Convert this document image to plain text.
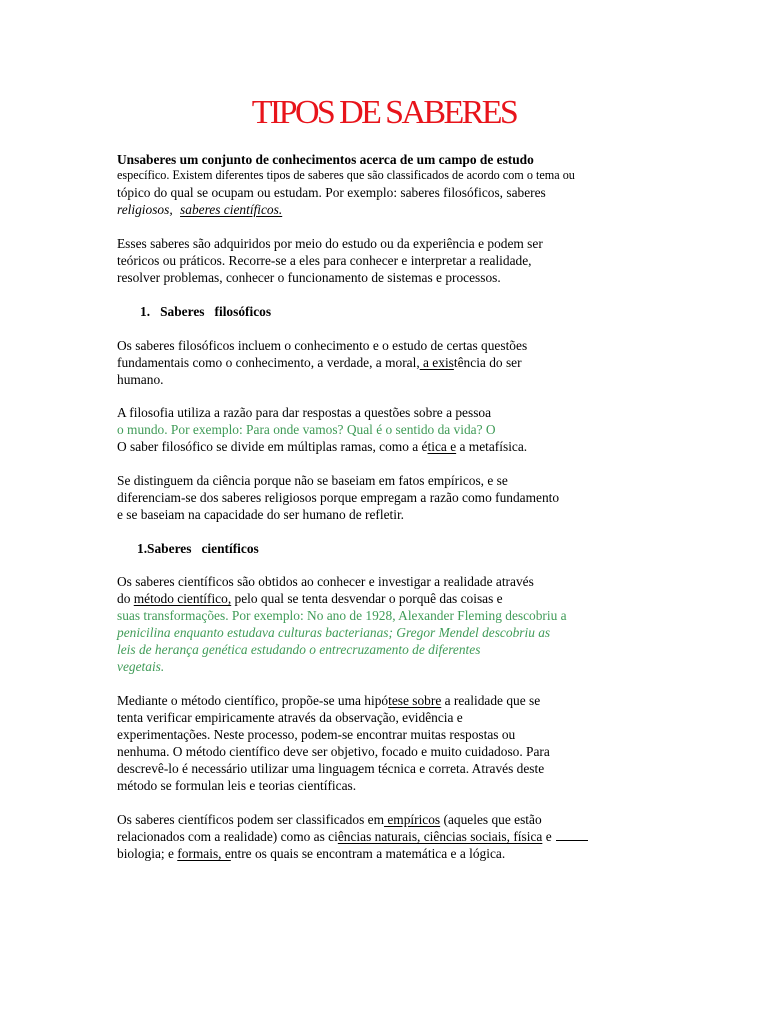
TIPOS DE SABERES
Unsaberes um conjunto de conhecimentos acerca de um campo de estudo
específico. Existem diferentes tipos de saberes que são classificados de acordo com o tema ou
tópico do qual se ocupam ou estudam. Por exemplo: saberes filosóficos, saberes
religiosos, saberes científicos.
Esses saberes são adquiridos por meio do estudo ou da experiência e podem ser
teóricos ou práticos. Recorre-se a eles para conhecer e interpretar a realidade,
resolver problemas, conhecer o funcionamento de sistemas e processos.
1.   Saberes   filosóficos
Os saberes filosóficos incluem o conhecimento e o estudo de certas questões
fundamentais como o conhecimento, a verdade, a moral, a existência do ser
humano.
A filosofia utiliza a razão para dar respostas a questões sobre a pessoa
o mundo. Por exemplo: Para onde vamos? Qual é o sentido da vida? O
O saber filosófico se divide em múltiplas ramas, como a ética e a metafísica.
Se distinguem da ciência porque não se baseiam em fatos empíricos, e se
diferenciam-se dos saberes religiosos porque empregam a razão como fundamento
e se baseiam na capacidade do ser humano de refletir.
1.Saberes   científicos
Os saberes científicos são obtidos ao conhecer e investigar a realidade através
do método científico, pelo qual se tenta desvendar o porquê das coisas e
suas transformações. Por exemplo: No ano de 1928, Alexander Fleming descobriu a
penicilina enquanto estudava culturas bacterianas; Gregor Mendel descobriu as
leis de herança genética estudando o entrecruzamento de diferentes
vegetais.
Mediante o método científico, propõe-se uma hipótese sobre a realidade que se
tenta verificar empiricamente através da observação, evidência e
experimentações. Neste processo, podem-se encontrar muitas respostas ou
nenhuma. O método científico deve ser objetivo, focado e muito cuidadoso. Para
descrevê-lo é necessário utilizar uma linguagem técnica e correta. Através deste
método se formulan leis e teorias científicas.
Os saberes científicos podem ser classificados em empíricos (aqueles que estão
relacionados com a realidade) como as ciências naturais, ciências sociais, física e
biologia; e formais, entre os quais se encontram a matemática e a lógica.
